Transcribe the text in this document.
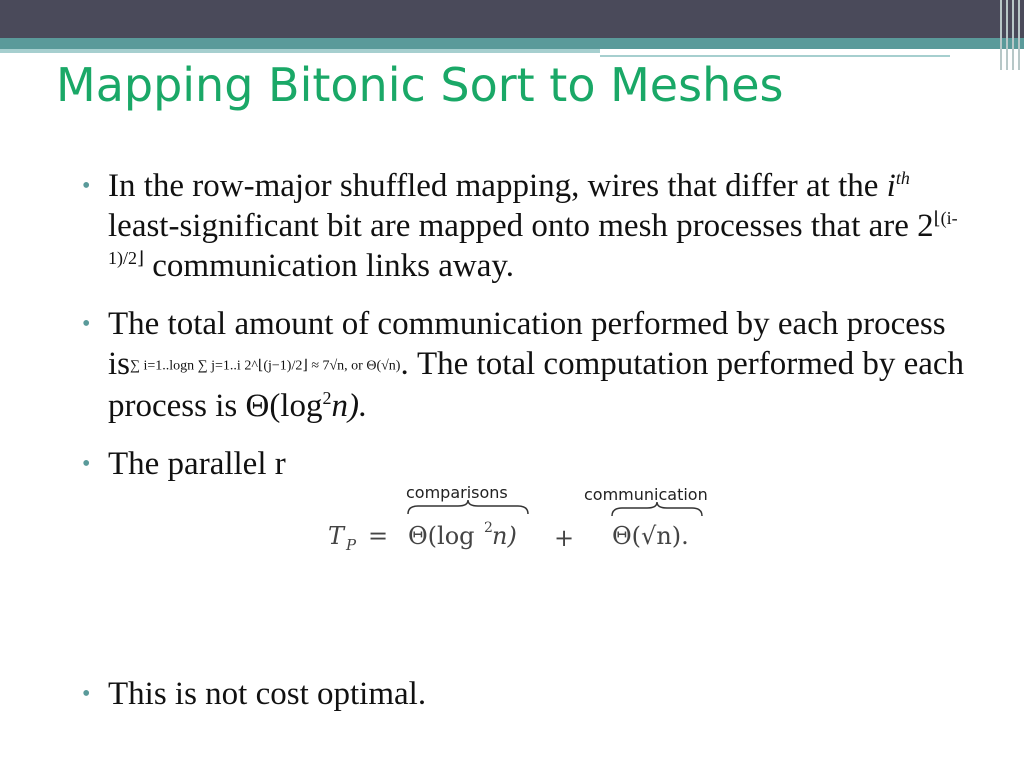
Mapping Bitonic Sort to Meshes
• In the row-major shuffled mapping, wires that differ at the $i^{th}$ least-significant bit are mapped onto mesh processes that are $2^{⌊(i-1)/2⌋}$ communication links away.
• The total amount of communication performed by each process is∑ i=1..logn ∑ j=1..i 2^⌊(j−1)/2⌋ ≈ 7√n, or Θ(√n). The total computation performed by each process is $\Theta(\log^2n)$.
• The parallel r
comparisons	communication
T P = Θ(log 2 n) + Θ(√n).
• This is not cost optimal.
